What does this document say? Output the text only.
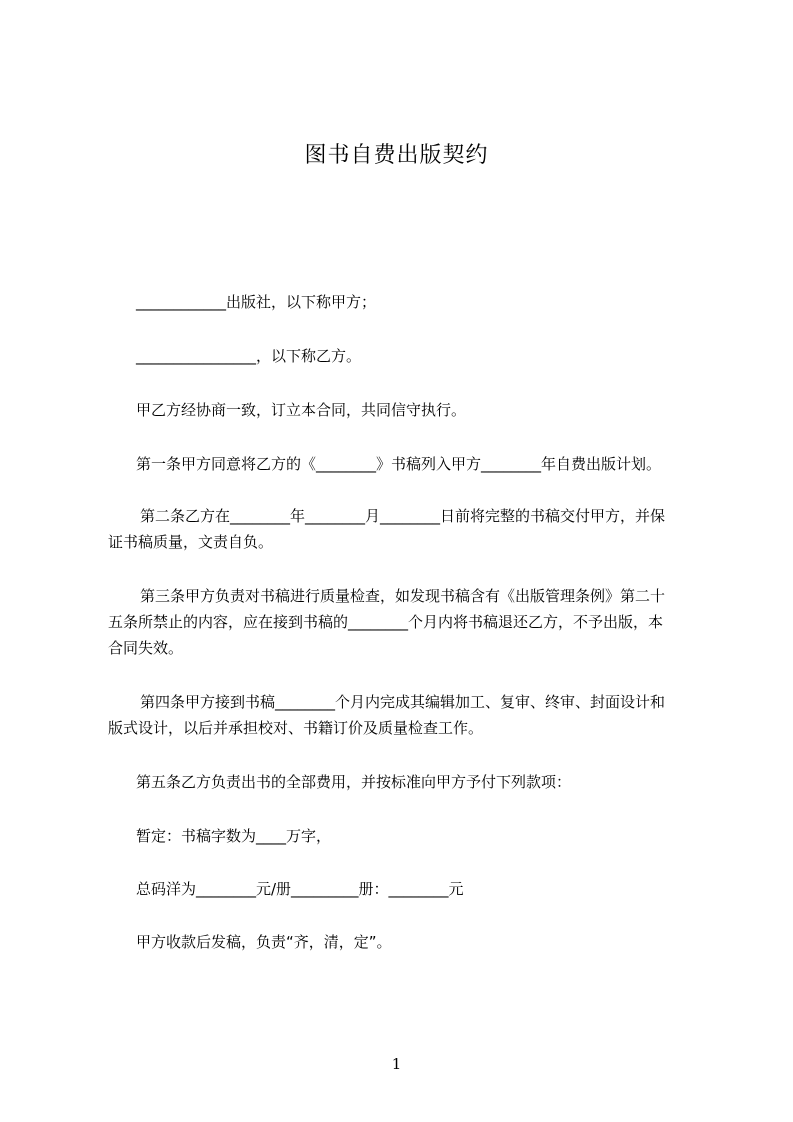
图书自费出版契约

____________出版社，以下称甲方；

________________，以下称乙方。

甲乙方经协商一致，订立本合同，共同信守执行。

第一条甲方同意将乙方的《________》书稿列入甲方________年自费出版计划。

第二条乙方在________年________月________日前将完整的书稿交付甲方，并保

证书稿质量，文责自负。

第三条甲方负责对书稿进行质量检查，如发现书稿含有《出版管理条例》第二十

五条所禁止的内容，应在接到书稿的________个月内将书稿退还乙方，不予出版，本

合同失效。

第四条甲方接到书稿________个月内完成其编辑加工、复审、终审、封面设计和

版式设计，以后并承担校对、书籍订价及质量检查工作。

第五条乙方负责出书的全部费用，并按标准向甲方予付下列款项：

暂定：书稿字数为____万字，

总码洋为________元/册_________册：________元

甲方收款后发稿，负责“齐，清，定”。

1
